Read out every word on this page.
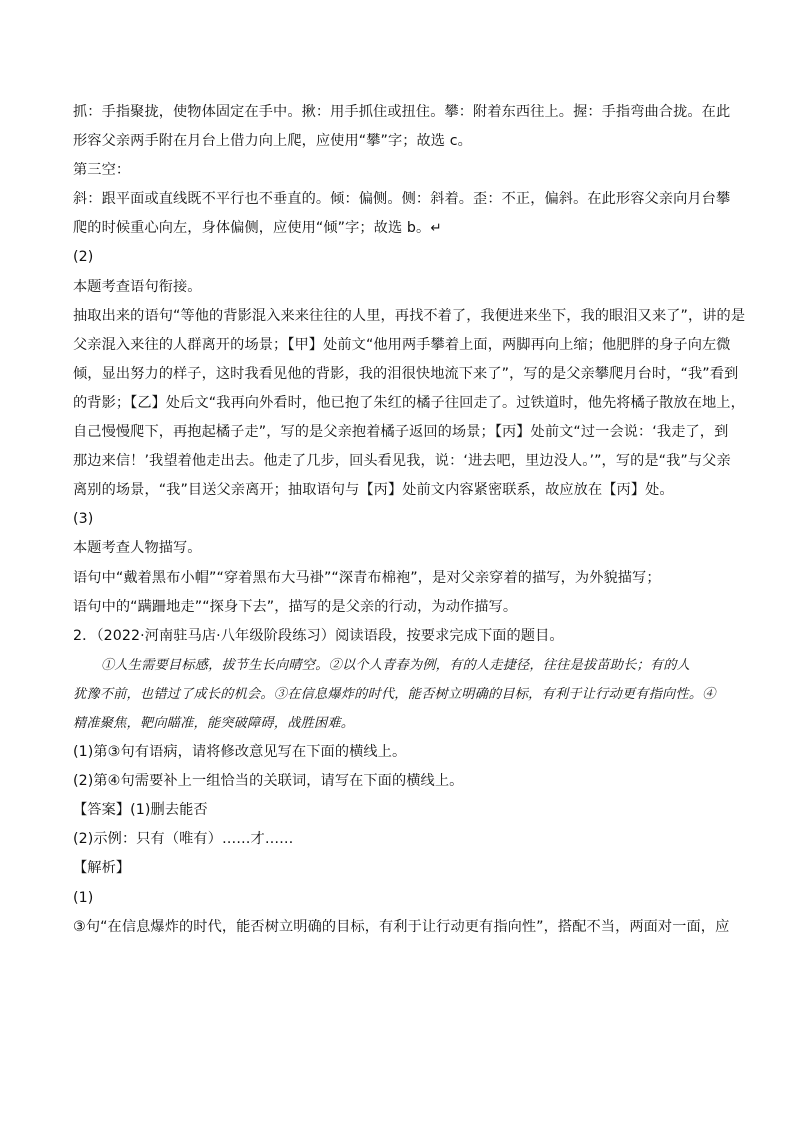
抓：手指聚拢，使物体固定在手中。揪：用手抓住或扭住。攀：附着东西往上。握：手指弯曲合拢。在此
形容父亲两手附在月台上借力向上爬，应使用“攀”字；故选 c。
第三空：
斜：跟平面或直线既不平行也不垂直的。倾：偏侧。侧：斜着。歪：不正，偏斜。在此形容父亲向月台攀
爬的时候重心向左，身体偏侧，应使用“倾”字；故选 b。↵
(2)
本题考查语句衔接。
抽取出来的语句“等他的背影混入来来往往的人里，再找不着了，我便进来坐下，我的眼泪又来了”，讲的是
父亲混入来往的人群离开的场景；【甲】处前文“他用两手攀着上面，两脚再向上缩；他肥胖的身子向左微
倾，显出努力的样子，这时我看见他的背影，我的泪很快地流下来了”，写的是父亲攀爬月台时，“我”看到
的背影；【乙】处后文“我再向外看时，他已抱了朱红的橘子往回走了。过铁道时，他先将橘子散放在地上，
自己慢慢爬下，再抱起橘子走”，写的是父亲抱着橘子返回的场景；【丙】处前文“过一会说：‘我走了，到
那边来信！’我望着他走出去。他走了几步，回头看见我，说：‘进去吧，里边没人。’”，写的是“我”与父亲
离别的场景，“我”目送父亲离开；抽取语句与【丙】处前文内容紧密联系，故应放在【丙】处。
(3)
本题考查人物描写。
语句中“戴着黑布小帽”“穿着黑布大马褂”“深青布棉袍”，是对父亲穿着的描写，为外貌描写；
语句中的“蹒跚地走”“探身下去”，描写的是父亲的行动，为动作描写。
2．（2022·河南驻马店·八年级阶段练习）阅读语段，按要求完成下面的题目。
①人生需要目标感，拔节生长向晴空。②以个人青春为例，有的人走捷径，往往是拔苗助长；有的人
犹豫不前，也错过了成长的机会。③在信息爆炸的时代，能否树立明确的目标，有利于让行动更有指向性。④
精准聚焦，靶向瞄准，能突破障碍，战胜困难。
(1)第③句有语病，请将修改意见写在下面的横线上。
(2)第④句需要补上一组恰当的关联词，请写在下面的横线上。
【答案】(1)删去能否
(2)示例：只有（唯有）……才……
【解析】
(1)
③句“在信息爆炸的时代，能否树立明确的目标，有利于让行动更有指向性”，搭配不当，两面对一面，应
